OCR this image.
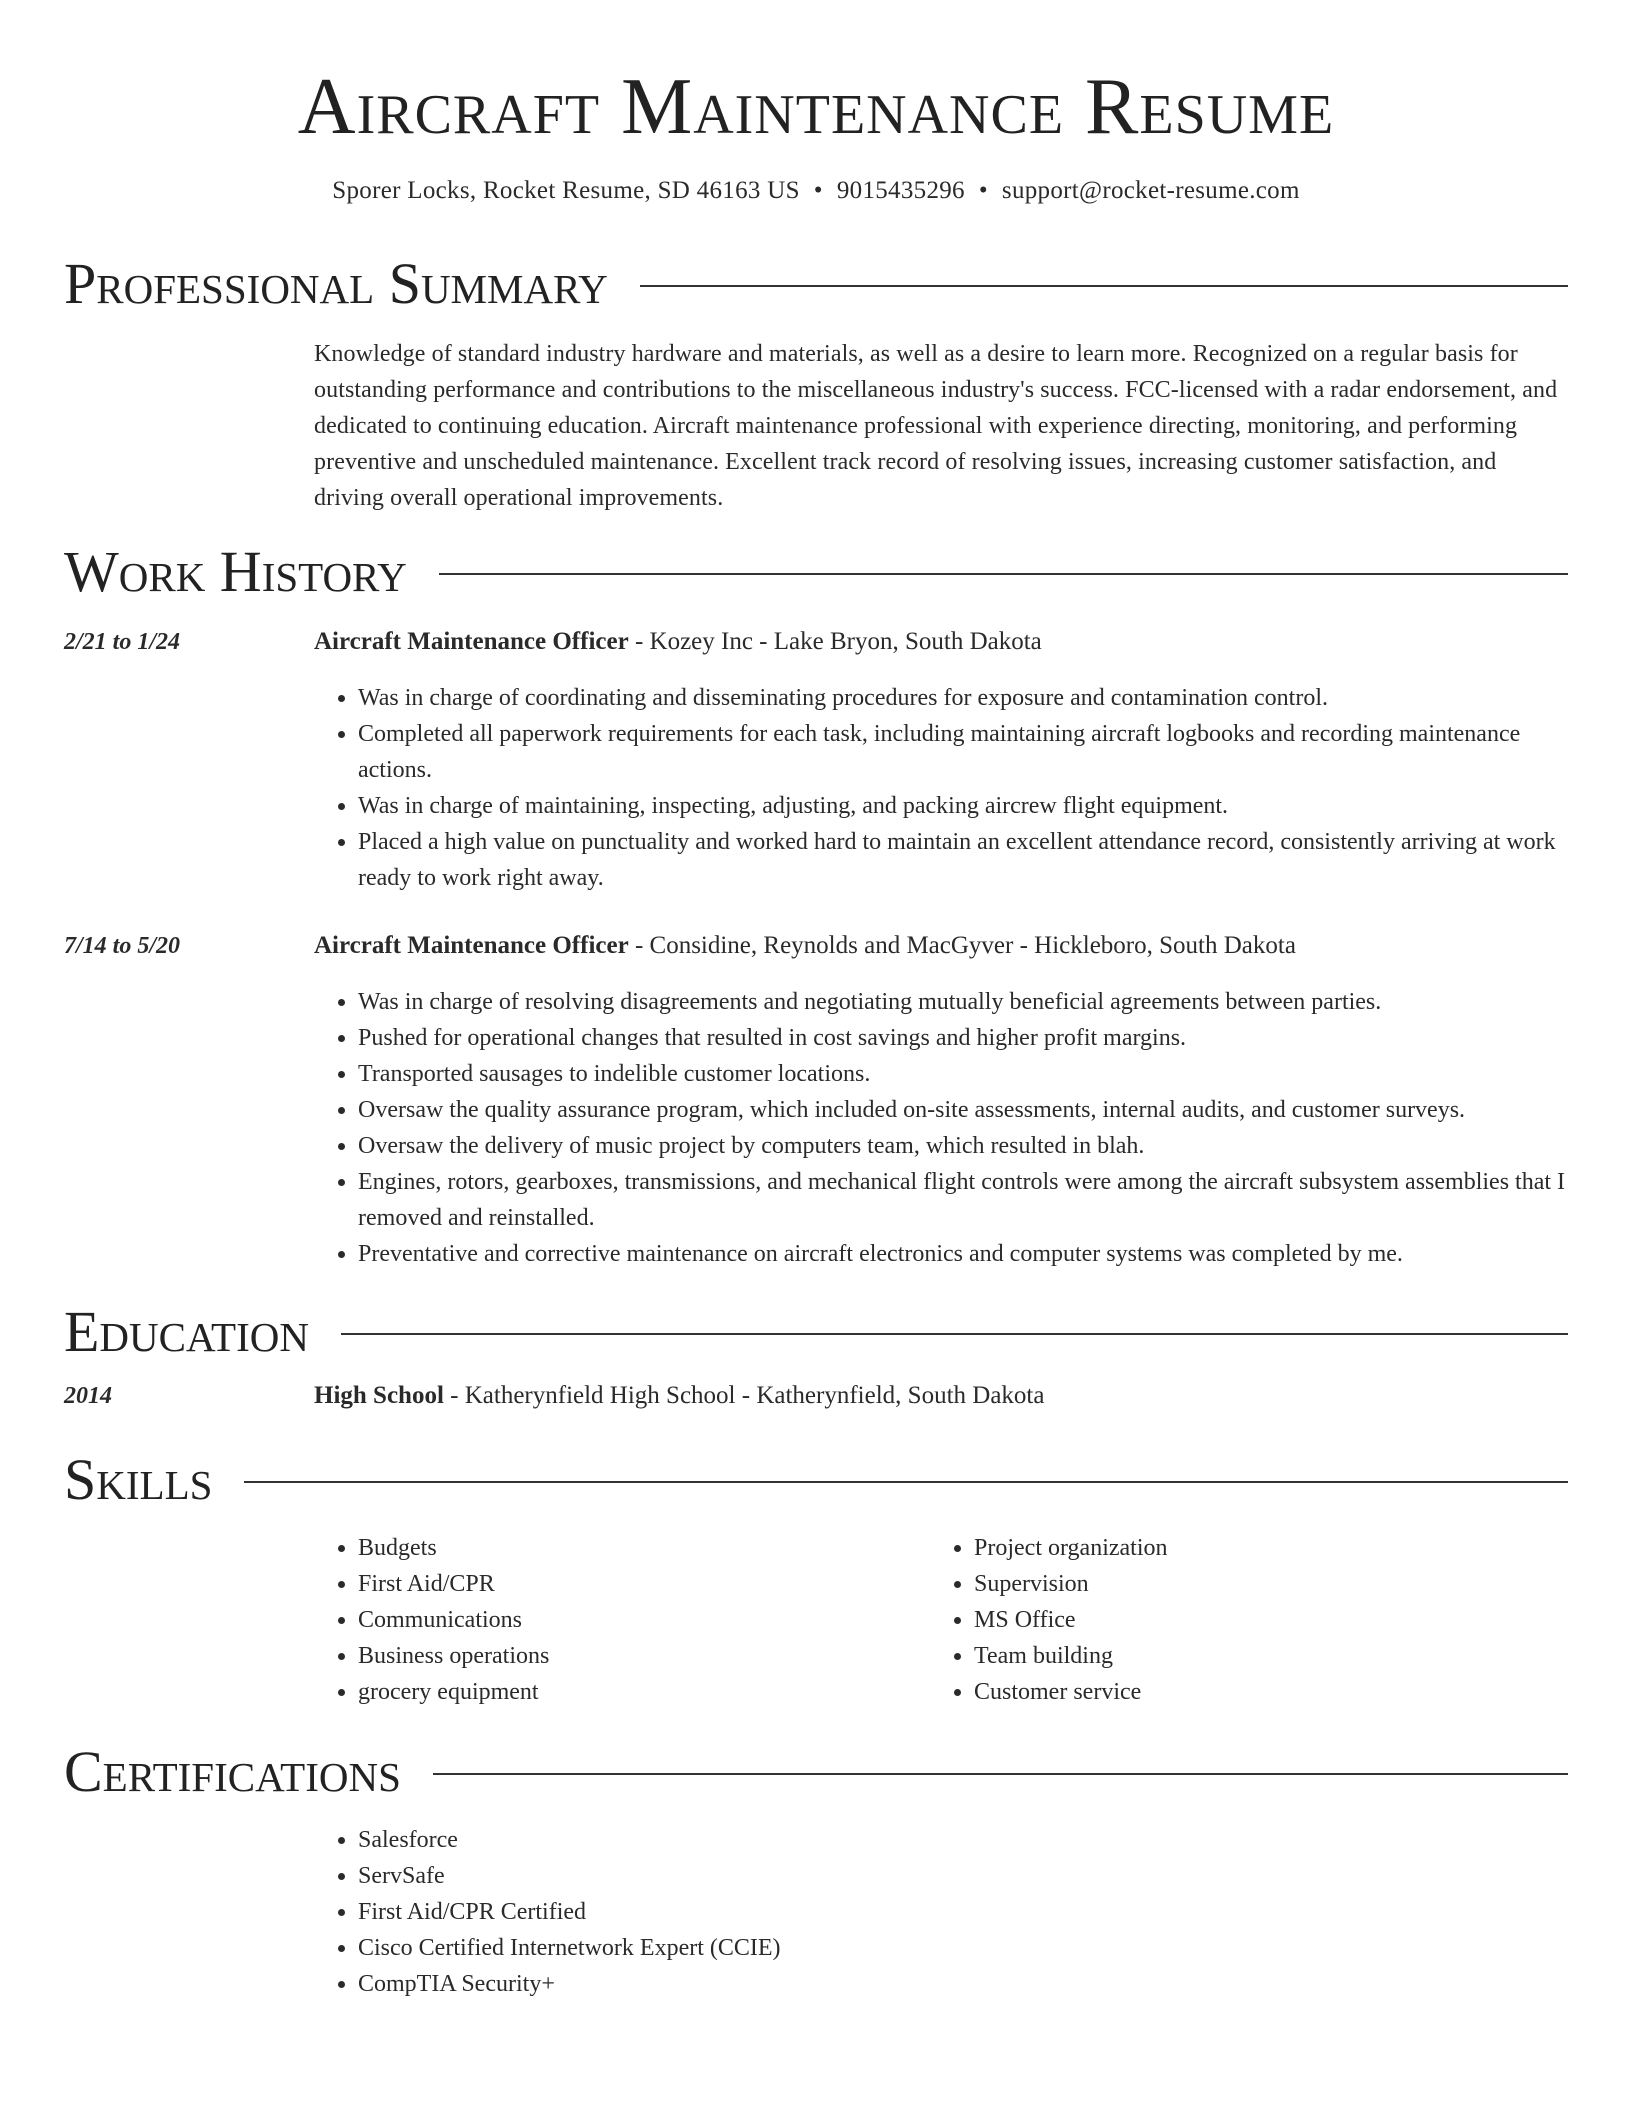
Aircraft Maintenance Resume
Sporer Locks, Rocket Resume, SD 46163 US • 9015435296 • support@rocket-resume.com
Professional Summary
Knowledge of standard industry hardware and materials, as well as a desire to learn more. Recognized on a regular basis for outstanding performance and contributions to the miscellaneous industry's success. FCC-licensed with a radar endorsement, and dedicated to continuing education. Aircraft maintenance professional with experience directing, monitoring, and performing preventive and unscheduled maintenance. Excellent track record of resolving issues, increasing customer satisfaction, and driving overall operational improvements.
Work History
2/21 to 1/24	Aircraft Maintenance Officer - Kozey Inc - Lake Bryon, South Dakota
• Was in charge of coordinating and disseminating procedures for exposure and contamination control.
• Completed all paperwork requirements for each task, including maintaining aircraft logbooks and recording maintenance actions.
• Was in charge of maintaining, inspecting, adjusting, and packing aircrew flight equipment.
• Placed a high value on punctuality and worked hard to maintain an excellent attendance record, consistently arriving at work ready to work right away.
7/14 to 5/20	Aircraft Maintenance Officer - Considine, Reynolds and MacGyver - Hickleboro, South Dakota
• Was in charge of resolving disagreements and negotiating mutually beneficial agreements between parties.
• Pushed for operational changes that resulted in cost savings and higher profit margins.
• Transported sausages to indelible customer locations.
• Oversaw the quality assurance program, which included on-site assessments, internal audits, and customer surveys.
• Oversaw the delivery of music project by computers team, which resulted in blah.
• Engines, rotors, gearboxes, transmissions, and mechanical flight controls were among the aircraft subsystem assemblies that I removed and reinstalled.
• Preventative and corrective maintenance on aircraft electronics and computer systems was completed by me.
Education
2014	High School - Katherynfield High School - Katherynfield, South Dakota
Skills
• Budgets
• First Aid/CPR
• Communications
• Business operations
• grocery equipment
• Project organization
• Supervision
• MS Office
• Team building
• Customer service
Certifications
• Salesforce
• ServSafe
• First Aid/CPR Certified
• Cisco Certified Internetwork Expert (CCIE)
• CompTIA Security+
